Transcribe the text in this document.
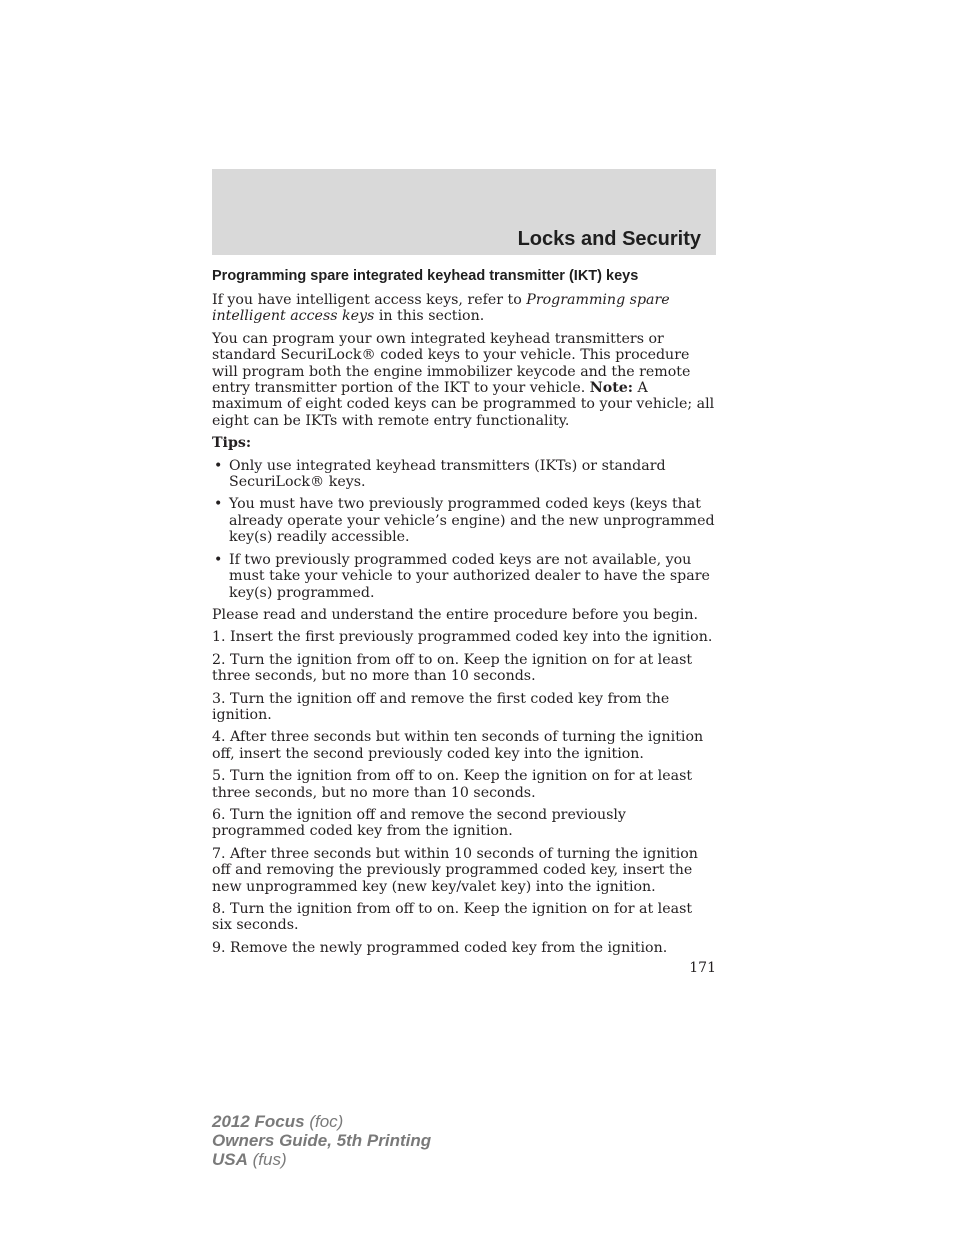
Locks and Security
Programming spare integrated keyhead transmitter (IKT) keys

If you have intelligent access keys, refer to Programming spare intelligent access keys in this section.

You can program your own integrated keyhead transmitters or standard SecuriLock® coded keys to your vehicle. This procedure will program both the engine immobilizer keycode and the remote entry transmitter portion of the IKT to your vehicle. Note: A maximum of eight coded keys can be programmed to your vehicle; all eight can be IKTs with remote entry functionality.

Tips:

• Only use integrated keyhead transmitters (IKTs) or standard SecuriLock® keys.
• You must have two previously programmed coded keys (keys that already operate your vehicle’s engine) and the new unprogrammed key(s) readily accessible.
• If two previously programmed coded keys are not available, you must take your vehicle to your authorized dealer to have the spare key(s) programmed.

Please read and understand the entire procedure before you begin.

1. Insert the first previously programmed coded key into the ignition.
2. Turn the ignition from off to on. Keep the ignition on for at least three seconds, but no more than 10 seconds.
3. Turn the ignition off and remove the first coded key from the ignition.
4. After three seconds but within ten seconds of turning the ignition off, insert the second previously coded key into the ignition.
5. Turn the ignition from off to on. Keep the ignition on for at least three seconds, but no more than 10 seconds.
6. Turn the ignition off and remove the second previously programmed coded key from the ignition.
7. After three seconds but within 10 seconds of turning the ignition off and removing the previously programmed coded key, insert the new unprogrammed key (new key/valet key) into the ignition.
8. Turn the ignition from off to on. Keep the ignition on for at least six seconds.
9. Remove the newly programmed coded key from the ignition.
171
2012 Focus (foc)
Owners Guide, 5th Printing
USA (fus)
